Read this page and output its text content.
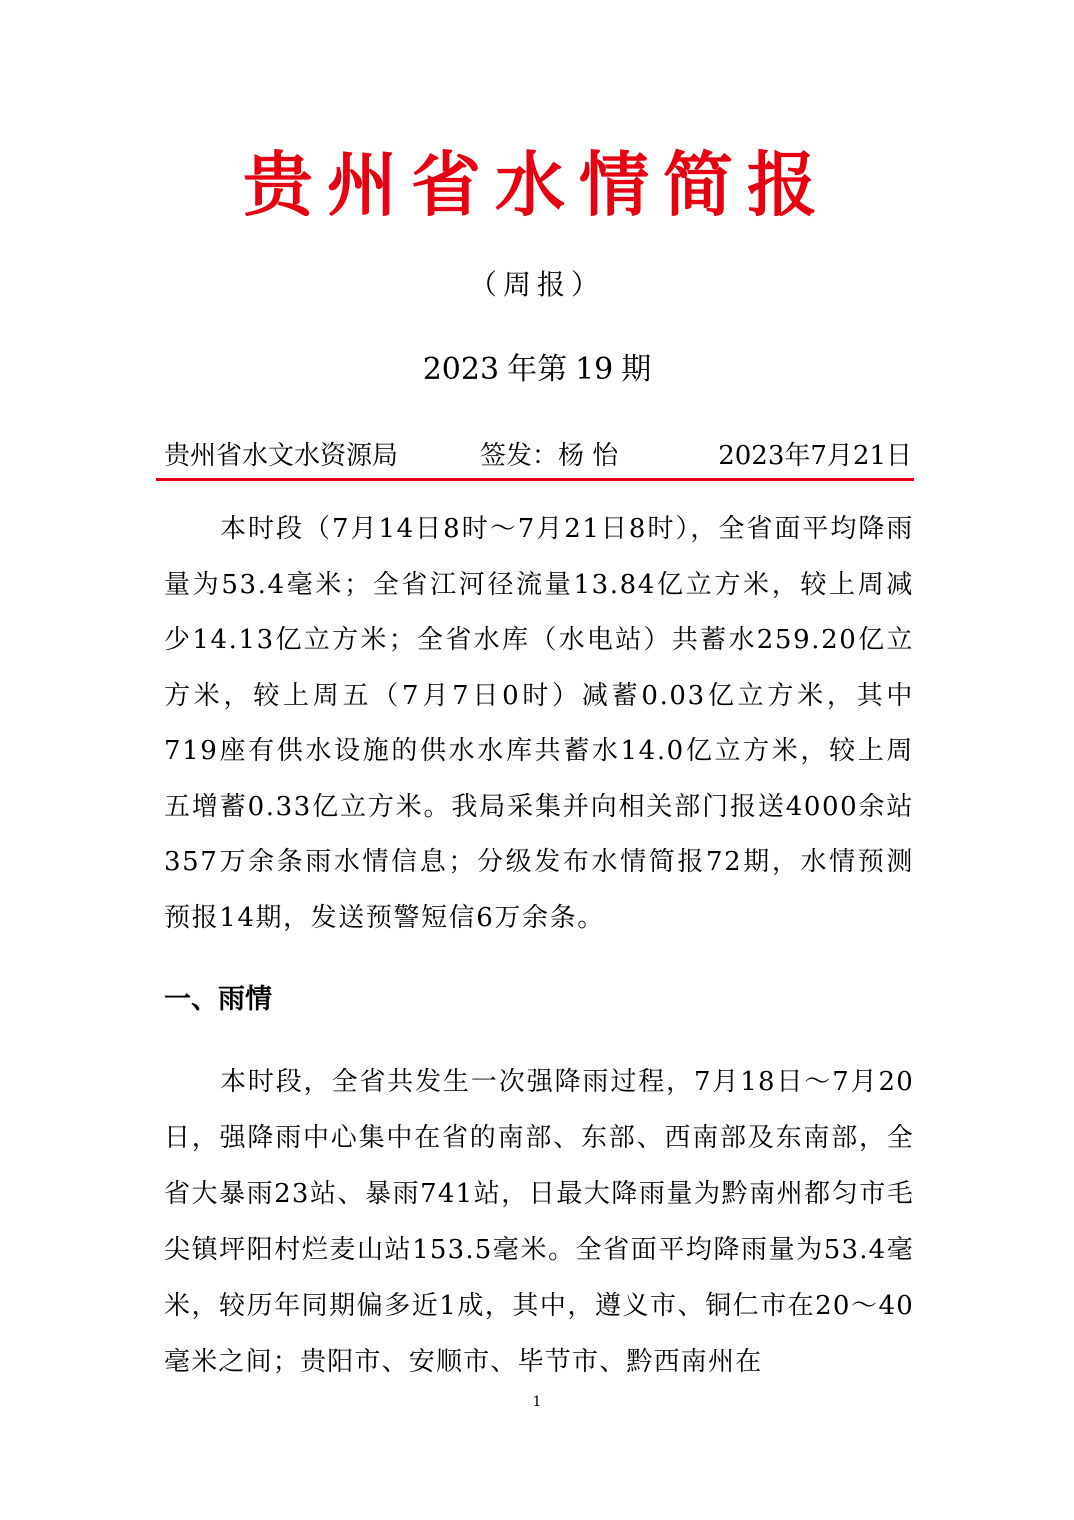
贵州省水情简报
（周报）
2023 年第 19 期
贵州省水文水资源局	签发：杨 怡	2023年7月21日

本时段（7月14日8时～7月21日8时），全省面平均降雨量为53.4毫米；全省江河径流量13.84亿立方米，较上周减少14.13亿立方米；全省水库（水电站）共蓄水259.20亿立方米，较上周五（7月7日0时）减蓄0.03亿立方米，其中719座有供水设施的供水水库共蓄水14.0亿立方米，较上周五增蓄0.33亿立方米。我局采集并向相关部门报送4000余站357万余条雨水情信息；分级发布水情简报72期，水情预测预报14期，发送预警短信6万余条。

一、雨情

本时段，全省共发生一次强降雨过程，7月18日～7月20日，强降雨中心集中在省的南部、东部、西南部及东南部，全省大暴雨23站、暴雨741站，日最大降雨量为黔南州都匀市毛尖镇坪阳村烂麦山站153.5毫米。全省面平均降雨量为53.4毫米，较历年同期偏多近1成，其中，遵义市、铜仁市在20～40毫米之间；贵阳市、安顺市、毕节市、黔西南州在

1
